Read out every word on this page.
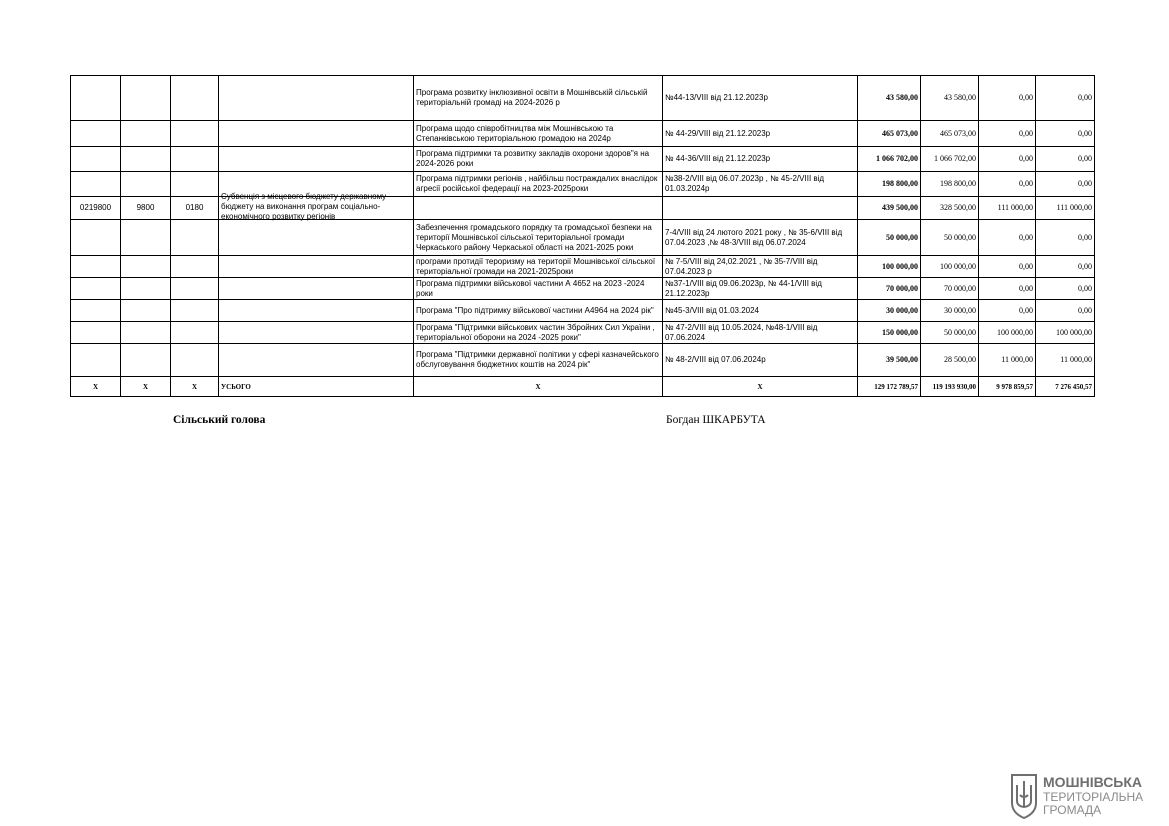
				Програма розвитку інклюзивної освіти в Мошнівській сільській територіальній громаді на 2024-2026 р	№44-13/VIII від 21.12.2023р	43 580,00	43 580,00	0,00	0,00
				Програма щодо співробітництва між Мошнівською та Степанківською територіальною громадою на 2024р	№ 44-29/VIII від 21.12.2023р	465 073,00	465 073,00	0,00	0,00
				Програма підтримки та розвитку закладів охорони здоров"я на 2024-2026 роки	№ 44-36/VIII від 21.12.2023р	1 066 702,00	1 066 702,00	0,00	0,00
				Програма підтримки регіонів , найбільш постраждалих внаслідок агресії російської федерації на 2023-2025роки	№38-2/VIII від 06.07.2023р , № 45-2/VIII від 01.03.2024р	198 800,00	198 800,00	0,00	0,00
0219800	9800	0180	Субвенція з місцевого бюджету державному бюджету на виконання програм соціально-економічного розвитку регіонів			439 500,00	328 500,00	111 000,00	111 000,00
				Забезпечення громадського порядку та громадської безпеки на території Мошнівської сільської територіальної громади Черкаського району Черкаської області на 2021-2025 роки	7-4/VIII від 24 лютого 2021 року , № 35-6/VIII від 07.04.2023 ,№ 48-3/VIII від 06.07.2024	50 000,00	50 000,00	0,00	0,00
				програми протидії тероризму на території Мошнівської сільської територіальної громади на 2021-2025роки	№ 7-5/VIII від 24,02.2021 , № 35-7/VIII від 07.04.2023 р	100 000,00	100 000,00	0,00	0,00
				Програма підтримки військової частини А 4652 на 2023 -2024 роки	№37-1/VIII від 09.06.2023р, № 44-1/VIII від 21.12.2023р	70 000,00	70 000,00	0,00	0,00
				Програма "Про підтримку військової частини А4964 на 2024 рік"	№45-3/VIII від 01.03.2024	30 000,00	30 000,00	0,00	0,00
				Програма "Підтримки військових частин Збройних Сил України , територіальної оборони на 2024 -2025 роки"	№ 47-2/VIII від 10.05.2024, №48-1/VIII від 07.06.2024	150 000,00	50 000,00	100 000,00	100 000,00
				Програма "Підтримки державної політики у сфері казначейського обслуговування бюджетних коштів на 2024 рік"	№ 48-2/VIII від 07.06.2024р	39 500,00	28 500,00	11 000,00	11 000,00
Х	Х	Х	УСЬОГО	Х	Х	129 172 789,57	119 193 930,00	9 978 859,57	7 276 450,57
Сільський голова	Богдан ШКАРБУТА
МОШНІВСЬКА
ТЕРИТОРІАЛЬНА
ГРОМАДА
